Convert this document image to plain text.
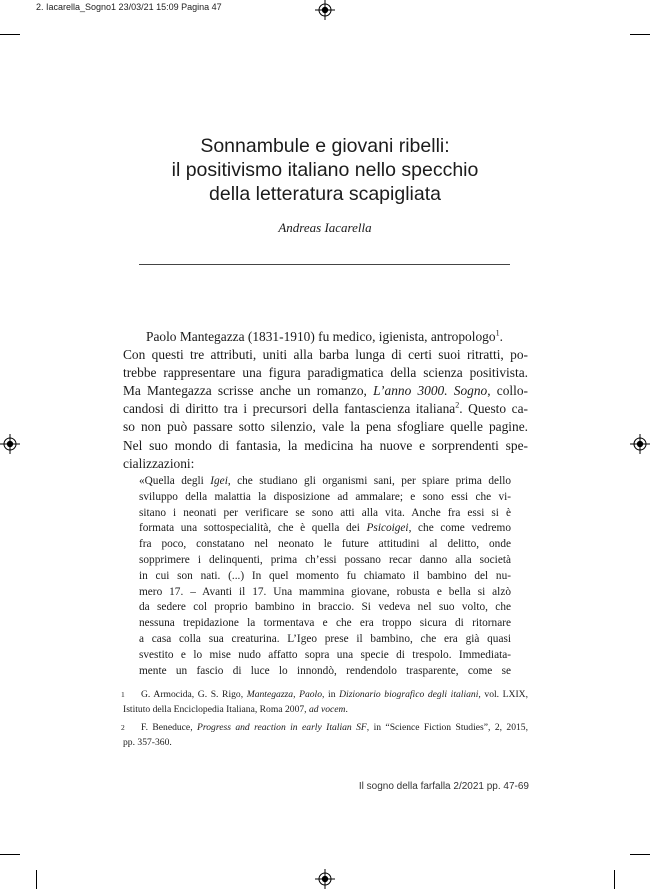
2. Iacarella_Sogno1 23/03/21 15:09 Pagina 47
Sonnambule e giovani ribelli:
il positivismo italiano nello specchio
della letteratura scapigliata
Andreas Iacarella
Paolo Mantegazza (1831-1910) fu medico, igienista, antropologo$^1$.
Con questi tre attributi, uniti alla barba lunga di certi suoi ritratti, po-
trebbe rappresentare una figura paradigmatica della scienza positivista.
Ma Mantegazza scrisse anche un romanzo, L’anno 3000. Sogno, collo-
candosi di diritto tra i precursori della fantascienza italiana$^2$. Questo ca-
so non può passare sotto silenzio, vale la pena sfogliare quelle pagine.
Nel suo mondo di fantasia, la medicina ha nuove e sorprendenti spe-
cializzazioni:
«Quella degli Igei, che studiano gli organismi sani, per spiare prima dello
sviluppo della malattia la disposizione ad ammalare; e sono essi che vi-
sitano i neonati per verificare se sono atti alla vita. Anche fra essi si è
formata una sottospecialità, che è quella dei Psicoigei, che come vedremo
fra poco, constatano nel neonato le future attitudini al delitto, onde
sopprimere i delinquenti, prima ch’essi possano recar danno alla società
in cui son nati. (...) In quel momento fu chiamato il bambino del nu-
mero 17. – Avanti il 17. Una mammina giovane, robusta e bella si alzò
da sedere col proprio bambino in braccio. Si vedeva nel suo volto, che
nessuna trepidazione la tormentava e che era troppo sicura di ritornare
a casa colla sua creaturina. L’Igeo prese il bambino, che era già quasi
svestito e lo mise nudo affatto sopra una specie di trespolo. Immediata-
mente un fascio di luce lo innondò, rendendolo trasparente, come se
1 G. Armocida, G. S. Rigo, Mantegazza, Paolo, in Dizionario biografico degli italiani, vol. LXIX,
Istituto della Enciclopedia Italiana, Roma 2007, ad vocem.
2 F. Beneduce, Progress and reaction in early Italian SF, in “Science Fiction Studies”, 2, 2015,
pp. 357-360.
Il sogno della farfalla 2/2021 pp. 47-69
